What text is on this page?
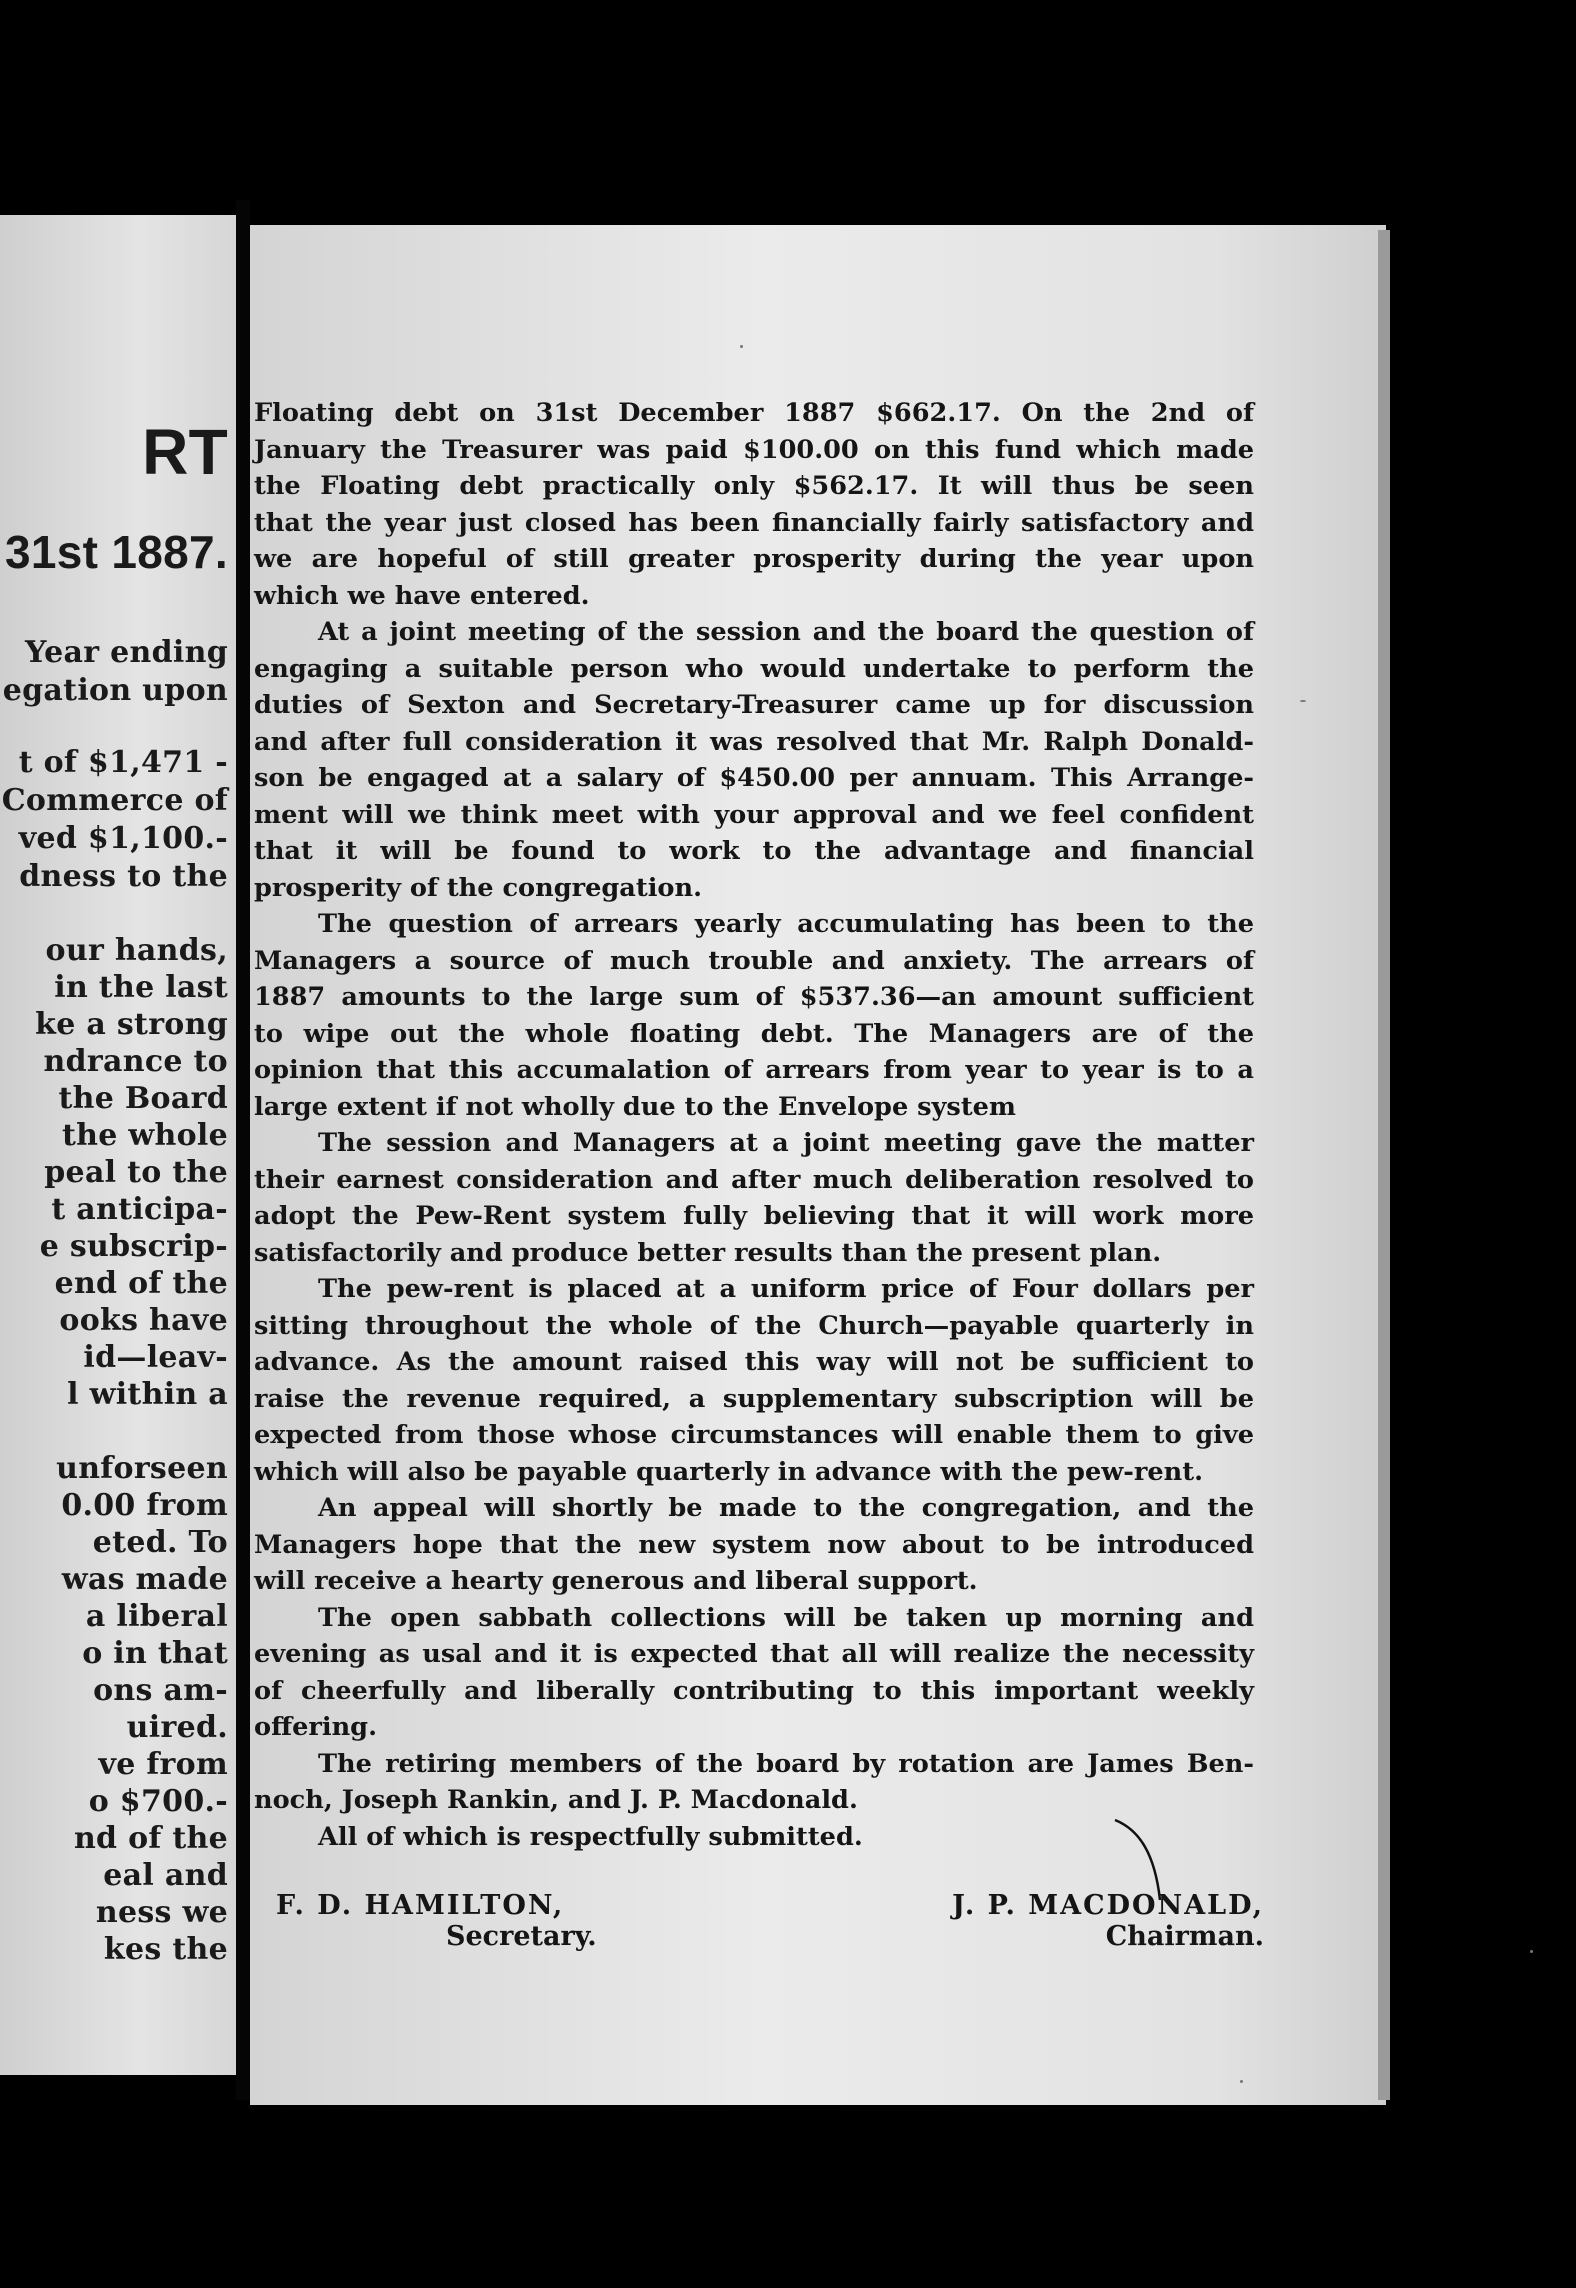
RT
31st 1887.
Year ending
egation upon
t of $1,471 -
Commerce of
ved $1,100.-
dness to the
our hands,
in the last
ke a strong
ndrance to
the Board
the whole
peal to the
t anticipa-
e subscrip-
end of the
ooks have
id—leav-
l within a
unforseen
0.00 from
eted. To
was made
a liberal
o in that
ons am-
uired.
ve from
o $700.-
nd of the
eal and
ness we
kes the

Floating debt on 31st December 1887 $662.17. On the 2nd of
January the Treasurer was paid $100.00 on this fund which made
the Floating debt practically only $562.17. It will thus be seen
that the year just closed has been financially fairly satisfactory and
we are hopeful of still greater prosperity during the year upon
which we have entered.

At a joint meeting of the session and the board the question of
engaging a suitable person who would undertake to perform the
duties of Sexton and Secretary-Treasurer came up for discussion
and after full consideration it was resolved that Mr. Ralph Donald-
son be engaged at a salary of $450.00 per annuam. This Arrange-
ment will we think meet with your approval and we feel confident
that it will be found to work to the advantage and financial
prosperity of the congregation.

The question of arrears yearly accumulating has been to the
Managers a source of much trouble and anxiety. The arrears of
1887 amounts to the large sum of $537.36—an amount sufficient
to wipe out the whole floating debt. The Managers are of the
opinion that this accumalation of arrears from year to year is to a
large extent if not wholly due to the Envelope system

The session and Managers at a joint meeting gave the matter
their earnest consideration and after much deliberation resolved to
adopt the Pew-Rent system fully believing that it will work more
satisfactorily and produce better results than the present plan.

The pew-rent is placed at a uniform price of Four dollars per
sitting throughout the whole of the Church—payable quarterly in
advance. As the amount raised this way will not be sufficient to
raise the revenue required, a supplementary subscription will be
expected from those whose circumstances will enable them to give
which will also be payable quarterly in advance with the pew-rent.

An appeal will shortly be made to the congregation, and the
Managers hope that the new system now about to be introduced
will receive a hearty generous and liberal support.

The open sabbath collections will be taken up morning and
evening as usal and it is expected that all will realize the necessity
of cheerfully and liberally contributing to this important weekly
offering.

The retiring members of the board by rotation are James Ben-
noch, Joseph Rankin, and J. P. Macdonald.

All of which is respectfully submitted.

F. D. HAMILTON,
Secretary.
J. P. MACDONALD,
Chairman.
